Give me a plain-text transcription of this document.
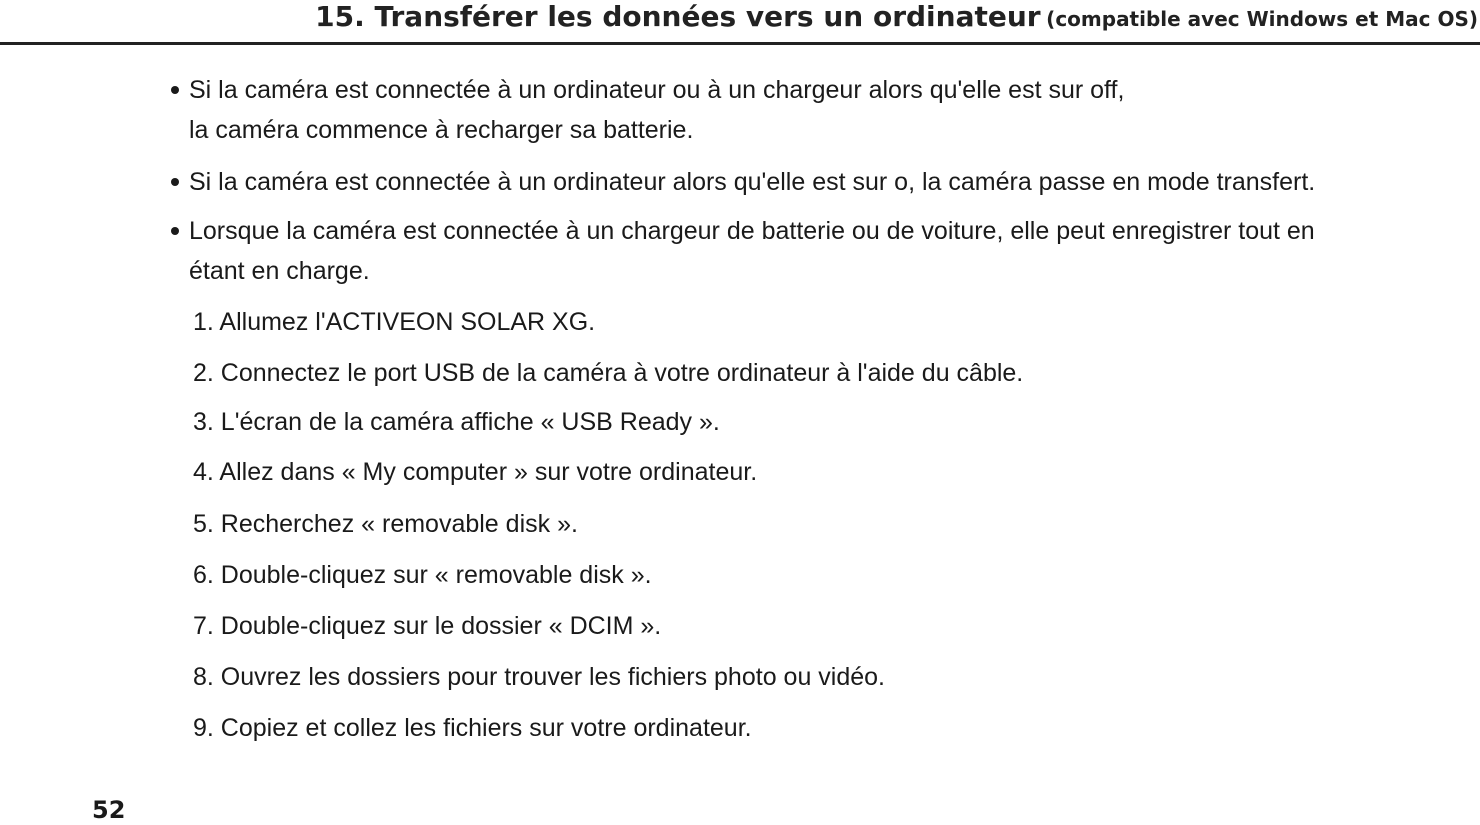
15. Transférer les données vers un ordinateur (compatible avec Windows et Mac OS)
Si la caméra est connectée à un ordinateur ou à un chargeur alors qu'elle est sur off,
la caméra commence à recharger sa batterie.
Si la caméra est connectée à un ordinateur alors qu'elle est sur o, la caméra passe en mode transfert.
Lorsque la caméra est connectée à un chargeur de batterie ou de voiture, elle peut enregistrer tout en
étant en charge.
1. Allumez l'ACTIVEON SOLAR XG.
2. Connectez le port USB de la caméra à votre ordinateur à l'aide du câble.
3. L'écran de la caméra affiche « USB Ready ».
4. Allez dans « My computer » sur votre ordinateur.
5. Recherchez « removable disk ».
6. Double-cliquez sur « removable disk ».
7. Double-cliquez sur le dossier « DCIM ».
8. Ouvrez les dossiers pour trouver les fichiers photo ou vidéo.
9. Copiez et collez les fichiers sur votre ordinateur.
52
